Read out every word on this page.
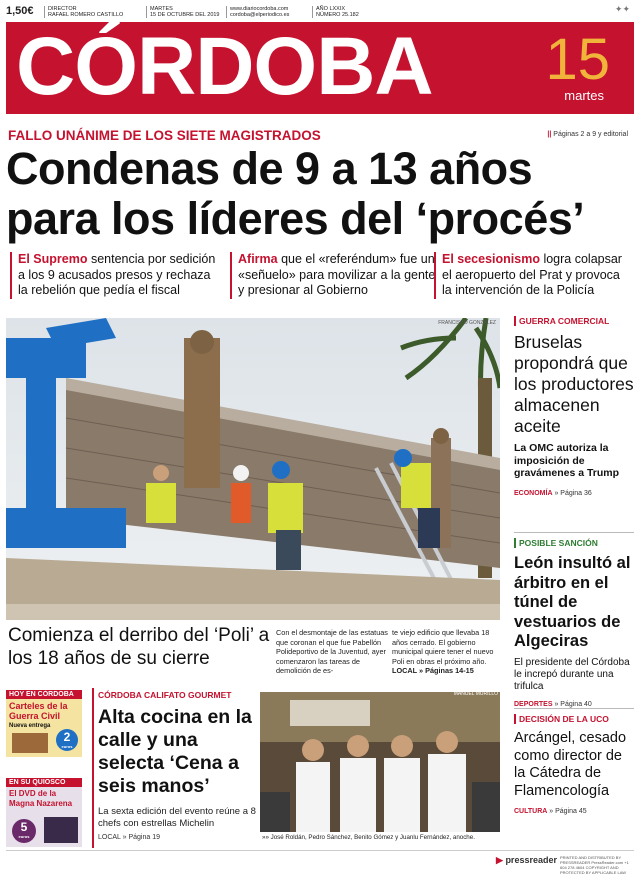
1,50€	DIRECTOR
RAFAEL ROMERO CASTILLO
MARTES
15 DE OCTUBRE DEL 2019
www.diariocordoba.com
cordoba@elperiodico.es
AÑO LXXIX
NÚMERO 25.182
✦✦
CÓRDOBA 15
martes
FALLO UNÁNIME DE LOS SIETE MAGISTRADOS	|| Páginas 2 a 9 y editorial
Condenas de 9 a 13 años
para los líderes del ‘procés’
El Supremo sentencia por sedición a los 9 acusados presos y rechaza la rebelión que pedía el fiscal
Afirma que el «referéndum» fue un «señuelo» para movilizar a la gente y presionar al Gobierno
El secesionismo logra colapsar el aeropuerto del Prat y provoca la intervención de la Policía
FRANCISCO GONZÁLEZ
Comienza el derribo del ‘Poli’ a los 18 años de su cierre
Con el desmontaje de las estatuas que coronan el que fue Pabellón Polideportivo de la Juventud, ayer comenzaron las tareas de demolición de es-
te viejo edificio que llevaba 18 años cerrado. El gobierno municipal quiere tener el nuevo Poli en obras el próximo año. LOCAL » Páginas 14-15
GUERRA COMERCIAL
Bruselas propondrá que los productores almacenen aceite
La OMC autoriza la imposición de gravámenes a Trump
ECONOMÍA » Página 36
POSIBLE SANCIÓN
León insultó al árbitro en el túnel de vestuarios de Algeciras
El presidente del Córdoba le increpó durante una trifulca
DEPORTES » Página 40
DECISIÓN DE LA UCO
Arcángel, cesado como director de la Cátedra de Flamencología
CULTURA » Página 45
HOY EN CÓRDOBA
Carteles de la Guerra Civil
Nueva entrega
2
euros
EN SU QUIOSCO
El DVD de la Magna Nazarena
5
euros
CÓRDOBA CALIFATO GOURMET
Alta cocina en la calle y una selecta ‘Cena a seis manos’
La sexta edición del evento reúne a 8 chefs con estrellas Michelin
LOCAL » Página 19
MANUEL MURILLO
»» José Roldán, Pedro Sánchez, Benito Gómez y Juanlu Fernández, anoche.
▶ pressreader PRINTED AND DISTRIBUTED BY PRESSREADER PressReader.com +1 604 278 4604 COPYRIGHT AND PROTECTED BY APPLICABLE LAW
